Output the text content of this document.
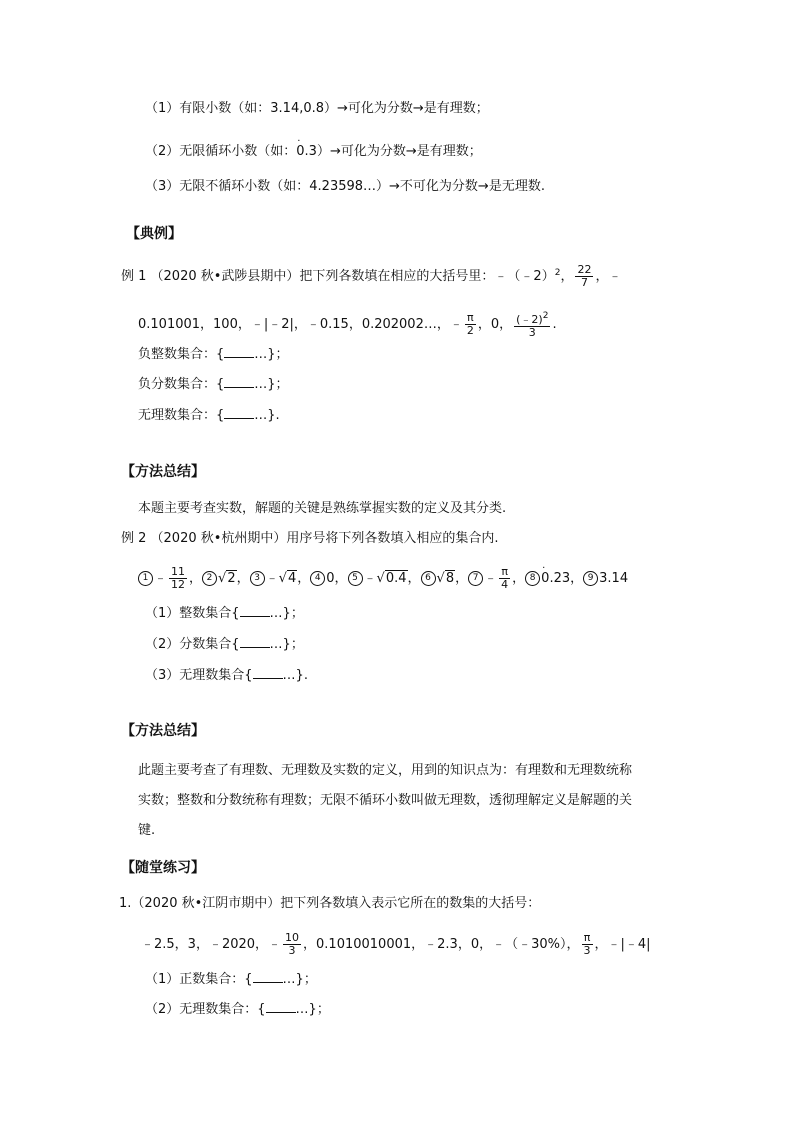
（1）有限小数（如：3.14,0.8）→可化为分数→是有理数；
（2）无限循环小数（如：· 0.3）→可化为分数→是有理数；
（3）无限不循环小数（如：4.23598…）→不可化为分数→是无理数.
【典例】
例 1 （2020 秋•武陟县期中）把下列各数填在相应的大括号里：﹣（﹣2）$^2$， $\frac{22}{7}$ ，﹣
0.101001，100，﹣|﹣2|，﹣0.15，0.202002…，﹣ $\frac{\pi}{2}$ ，0， $\frac{(﹣2)^2}{3}$ .
负整数集合：{ …}；
负分数集合：{ …}；
无理数集合：{ …}.
【方法总结】
本题主要考查实数，解题的关键是熟练掌握实数的定义及其分类.
例 2 （2020 秋•杭州期中）用序号将下列各数填入相应的集合内.
1 ﹣ $\frac{11}{12}$ ， 2 √2， 3 ﹣√4， 4 0， 5 ﹣√0.4， 6 √8， 7 ﹣ $\frac{\pi}{4}$ ， 8· 0.23， 9 3.14
（1）整数集合{ …}；
（2）分数集合{ …}；
（3）无理数集合{ …}.
【方法总结】
此题主要考查了有理数、无理数及实数的定义，用到的知识点为：有理数和无理数统称
实数；整数和分数统称有理数；无限不循环小数叫做无理数，透彻理解定义是解题的关
键.
【随堂练习】
1.（2020 秋•江阴市期中）把下列各数填入表示它所在的数集的大括号：
﹣2.5，3，﹣2020，﹣ $\frac{10}{3}$ ，0.1010010001，﹣2.3，0，﹣（﹣30%）， $\frac{\pi}{3}$ ，﹣|﹣4|
（1）正数集合：{ …}；
（2）无理数集合：{ …}；
